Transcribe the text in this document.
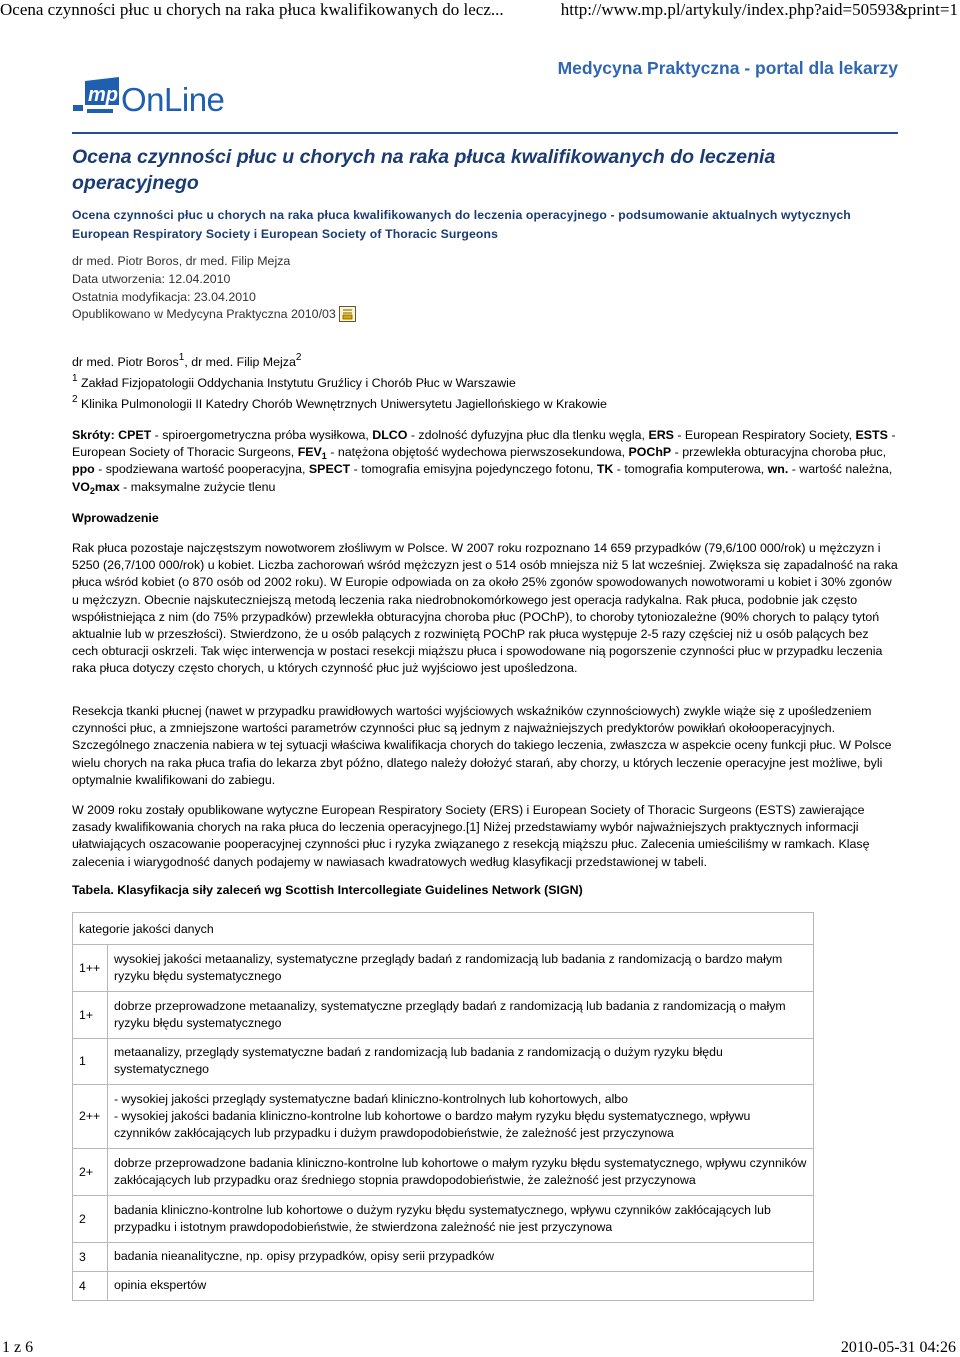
Ocena czynności płuc u chorych na raka płuca kwalifikowanych do lecz...	http://www.mp.pl/artykuly/index.php?aid=50593&print=1
Medycyna Praktyczna - portal dla lekarzy
mp OnLine
Ocena czynności płuc u chorych na raka płuca kwalifikowanych do leczenia operacyjnego
Ocena czynności płuc u chorych na raka płuca kwalifikowanych do leczenia operacyjnego - podsumowanie aktualnych wytycznych European Respiratory Society i European Society of Thoracic Surgeons
dr med. Piotr Boros, dr med. Filip Mejza
Data utworzenia: 12.04.2010
Ostatnia modyfikacja: 23.04.2010
Opublikowano w Medycyna Praktyczna 2010/03
dr med. Piotr Boros$^1$, dr med. Filip Mejza$^2$
$^1$ Zakład Fizjopatologii Oddychania Instytutu Gruźlicy i Chorób Płuc w Warszawie
$^2$ Klinika Pulmonologii II Katedry Chorób Wewnętrznych Uniwersytetu Jagiellońskiego w Krakowie
Skróty: CPET - spiroergometryczna próba wysiłkowa, DLCO - zdolność dyfuzyjna płuc dla tlenku węgla, ERS - European Respiratory Society, ESTS - European Society of Thoracic Surgeons, $FEV_1$ - natężona objętość wydechowa pierwszosekundowa, POChP - przewlekła obturacyjna choroba płuc, ppo - spodziewana wartość pooperacyjna, SPECT - tomografia emisyjna pojedynczego fotonu, TK - tomografia komputerowa, wn. - wartość należna, $VO_2\max$ - maksymalne zużycie tlenu
Wprowadzenie

Rak płuca pozostaje najczęstszym nowotworem złośliwym w Polsce. W 2007 roku rozpoznano 14 659 przypadków (79,6/100 000/rok) u mężczyzn i 5250 (26,7/100 000/rok) u kobiet. Liczba zachorowań wśród mężczyzn jest o 514 osób mniejsza niż 5 lat wcześniej. Zwiększa się zapadalność na raka płuca wśród kobiet (o 870 osób od 2002 roku). W Europie odpowiada on za około 25% zgonów spowodowanych nowotworami u kobiet i 30% zgonów u mężczyzn. Obecnie najskuteczniejszą metodą leczenia raka niedrobnokomórkowego jest operacja radykalna. Rak płuca, podobnie jak często współistniejąca z nim (do 75% przypadków) przewlekła obturacyjna choroba płuc (POChP), to choroby tytoniozależne (90% chorych to palący tytoń aktualnie lub w przeszłości). Stwierdzono, że u osób palących z rozwiniętą POChP rak płuca występuje 2-5 razy częściej niż u osób palących bez cech obturacji oskrzeli. Tak więc interwencja w postaci resekcji miąższu płuca i spowodowane nią pogorszenie czynności płuc w przypadku leczenia raka płuca dotyczy często chorych, u których czynność płuc już wyjściowo jest upośledzona.

Resekcja tkanki płucnej (nawet w przypadku prawidłowych wartości wyjściowych wskaźników czynnościowych) zwykle wiąże się z upośledzeniem czynności płuc, a zmniejszone wartości parametrów czynności płuc są jednym z najważniejszych predyktorów powikłań okołooperacyjnych. Szczególnego znaczenia nabiera w tej sytuacji właściwa kwalifikacja chorych do takiego leczenia, zwłaszcza w aspekcie oceny funkcji płuc. W Polsce wielu chorych na raka płuca trafia do lekarza zbyt późno, dlatego należy dołożyć starań, aby chorzy, u których leczenie operacyjne jest możliwe, byli optymalnie kwalifikowani do zabiegu.

W 2009 roku zostały opublikowane wytyczne European Respiratory Society (ERS) i European Society of Thoracic Surgeons (ESTS) zawierające zasady kwalifikowania chorych na raka płuca do leczenia operacyjnego.[1] Niżej przedstawiamy wybór najważniejszych praktycznych informacji ułatwiających oszacowanie pooperacyjnej czynności płuc i ryzyka związanego z resekcją miąższu płuc. Zalecenia umieściliśmy w ramkach. Klasę zalecenia i wiarygodność danych podajemy w nawiasach kwadratowych według klasyfikacji przedstawionej w tabeli.

Tabela. Klasyfikacja siły zaleceń wg Scottish Intercollegiate Guidelines Network (SIGN)
kategorie jakości danych	
1++	wysokiej jakości metaanalizy, systematyczne przeglądy badań z randomizacją lub badania z randomizacją o bardzo małym ryzyku błędu systematycznego
1+	dobrze przeprowadzone metaanalizy, systematyczne przeglądy badań z randomizacją lub badania z randomizacją o małym ryzyku błędu systematycznego
1	metaanalizy, przeglądy systematyczne badań z randomizacją lub badania z randomizacją o dużym ryzyku błędu systematycznego
2++	- wysokiej jakości przeglądy systematyczne badań kliniczno-kontrolnych lub kohortowych, albo
- wysokiej jakości badania kliniczno-kontrolne lub kohortowe o bardzo małym ryzyku błędu systematycznego, wpływu czynników zakłócających lub przypadku i dużym prawdopodobieństwie, że zależność jest przyczynowa

2+	dobrze przeprowadzone badania kliniczno-kontrolne lub kohortowe o małym ryzyku błędu systematycznego, wpływu czynników zakłócających lub przypadku oraz średniego stopnia prawdopodobieństwie, że zależność jest przyczynowa
2	badania kliniczno-kontrolne lub kohortowe o dużym ryzyku błędu systematycznego, wpływu czynników zakłócających lub przypadku i istotnym prawdopodobieństwie, że stwierdzona zależność nie jest przyczynowa
3	badania nieanalityczne, np. opisy przypadków, opisy serii przypadków
4	opinia ekspertów
1 z 6	2010-05-31 04:26
